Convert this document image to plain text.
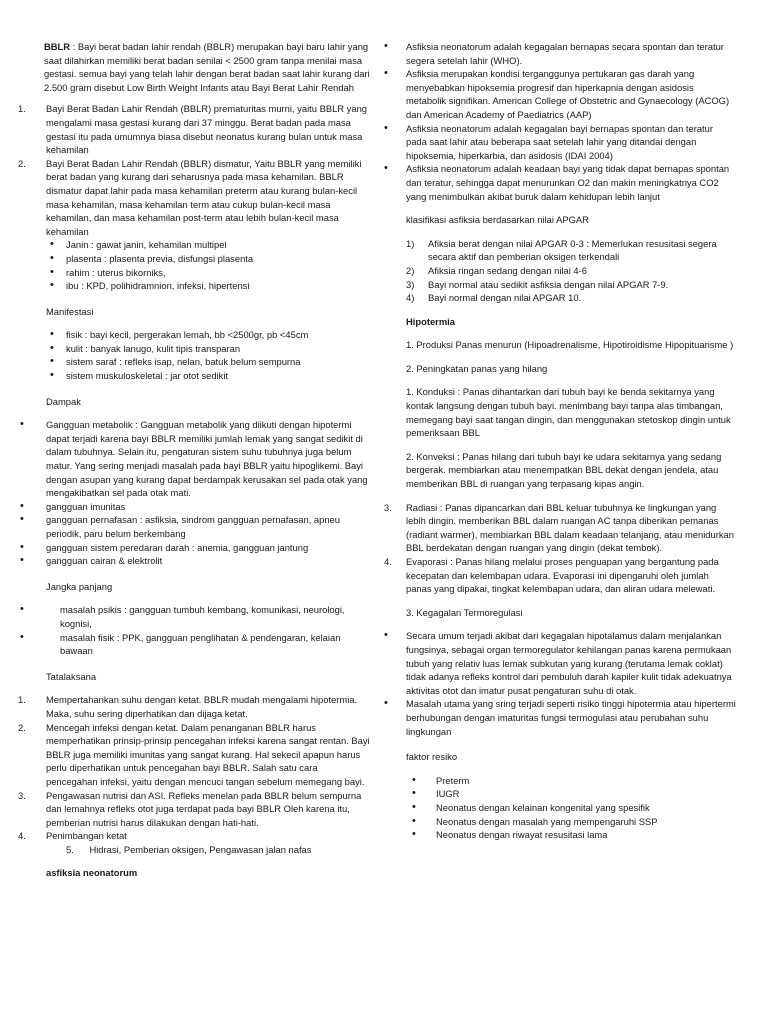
BBLR : Bayi berat badan lahir rendah (BBLR) merupakan bayi baru lahir yang saat dilahirkan memiliki berat badan senilai < 2500 gram tanpa menilai masa gestasi. semua bayi yang telah lahir dengan berat badan saat lahir kurang dari 2.500 gram disebut Low Birth Weight Infants atau Bayi Berat Lahir Rendah

1. Bayi Berat Badan Lahir Rendah (BBLR) prematuritas murni, yaitu BBLR yang mengalami masa gestasi kurang dari 37 minggu. Berat badan pada masa gestasi itu pada umumnya biasa disebut neonatus kurang bulan untuk masa kehamilan
2. Bayi Berat Badan Lahir Rendah (BBLR) dismatur, Yaitu BBLR yang memiliki berat badan yang kurang dari seharusnya pada masa kehamilan. BBLR dismatur dapat lahir pada masa kehamilan preterm atau kurang bulan-kecil masa kehamilan, masa kehamilan term atau cukup bulan-kecil masa kehamilan, dan masa kehamilan post-term atau lebih bulan-kecil masa kehamilan
• Janin : gawat janin, kehamilan multipel
• plasenta : plasenta previa, disfungsi plasenta
• rahim : uterus bikorniks,
• ibu : KPD, polihidramnion, infeksi, hipertensi

Manifestasi

• fisik : bayi kecil, pergerakan lemah, bb <2500gr, pb <45cm
• kulit : banyak lanugo, kulit tipis transparan
• sistem saraf : refleks isap, nelan, batuk belum sempurna
• sistem muskuloskeletal : jar otot sedikit

Dampak

• Gangguan metabolik : Gangguan metabolik yang diikuti dengan hipotermi dapat terjadi karena bayi BBLR memiliki jumlah lemak yang sangat sedikit di dalam tubuhnya. Selain itu, pengaturan sistem suhu tubuhnya juga belum matur. Yang sering menjadi masalah pada bayi BBLR yaitu hipoglikemi. Bayi dengan asupan yang kurang dapat berdampak kerusakan sel pada otak yang mengakibatkan sel pada otak mati.
• gangguan imunitas
• gangguan pernafasan : asfiksia, sindrom gangguan pernafasan, apneu periodik, paru belum berkembang
• gangguan sistem peredaran darah : anemia, gangguan jantung
• gangguan cairan & elektrolit

Jangka panjang

• masalah psikis : gangguan tumbuh kembang, komunikasi, neurologi, kognisi,
• masalah fisik : PPK, gangguan penglihatan & pendengaran, kelaian bawaan

Tatalaksana

1. Mempertahankan suhu dengan ketat. BBLR mudah mengalami hipotermia. Maka, suhu sering diperhatikan dan dijaga ketat.
2. Mencegah infeksi dengan ketat. Dalam penanganan BBLR harus memperhatikan prinsip-prinsip pencegahan infeksi karena sangat rentan. Bayi BBLR juga memiliki imunitas yang sangat kurang. Hal sekecil apapun harus perlu diperhatikan untuk pencegahan bayi BBLR. Salah satu cara pencegahan infeksi, yaitu dengan mencuci tangan sebelum memegang bayi.
3. Pengawasan nutrisi dan ASI. Refleks menelan pada BBLR belum sempurna dan lemahnya refleks otot juga terdapat pada bayi BBLR Oleh karena itu, pemberian nutrisi harus dilakukan dengan hati-hati.
4. Penimbangan ketat
5.      Hidrasi, Pemberian oksigen, Pengawasan jalan nafas

asfiksia neonatorum

• Asfiksia neonatorum adalah kegagalan bernapas secara spontan dan teratur segera setelah lahir (WHO).
• Asfiksia merupakan kondisi terganggunya pertukaran gas darah yang menyebabkan hipoksemia progresif dan hiperkapnia dengan asidosis metabolik signifikan. American College of Obstetric and Gynaecology (ACOG) dan American Academy of Paediatrics (AAP)
• Asfiksia neonatorum adalah kegagalan bayi bernapas spontan dan teratur pada saat lahir atau beberapa saat setelah lahir yang ditandai dengan hipoksemia, hiperkarbia, dan asidosis (IDAI 2004)
• Asfiksia neonatorum adalah keadaan bayi yang tidak dapat bernapas spontan dan teratur, sehingga dapat menurunkan O2 dan makin meningkatnya CO2 yang menimbulkan akibat buruk dalam kehidupan lebih lanjut

klasifikasi asfiksia berdasarkan nilai APGAR

1) Afiksia berat dengan nilai APGAR 0-3 : Memerlukan resusitasi segera secara aktif dan pemberian oksigen terkendali
2) Afiksia ringan sedang dengan nilai 4-6
3) Bayi normal atau sedikit asfiksia dengan nilai APGAR 7-9.
4) Bayi normal dengan nilai APGAR 10.

Hipotermia

1. Produksi Panas menurun (Hipoadrenalisme, Hipotiroidisme Hipopituarisme )

2. Peningkatan panas yang hilang

1. Konduksi : Panas dihantarkan dari tubuh bayi ke benda sekitarnya yang kontak langsung dengan tubuh bayi. menimbang bayi tanpa alas timbangan, memegang bayi saat tangan dingin, dan menggunakan stetoskop dingin untuk pemeriksaan BBL

2. Konveksi : Panas hilang dari tubuh bayi ke udara sekitarnya yang sedang bergerak. membiarkan atau menempatkan BBL dekat dengan jendela, atau memberikan BBL di ruangan yang terpasang kipas angin.

3. Radiasi : Panas dipancarkan dari BBL keluar tubuhnya ke lingkungan yang lebih dingin. memberikan BBL dalam ruangan AC tanpa diberikan pemanas (radiant warmer), membiarkan BBL dalam keadaan telanjang, atau menidurkan BBL berdekatan dengan ruangan yang dingin (dekat tembok).
4. Evaporasi : Panas hilang melalui proses penguapan yang bergantung pada kecepatan dan kelembapan udara. Evaporasi ini dipengaruhi oleh jumlah panas yang dipakai, tingkat kelembapan udara, dan aliran udara melewati.

3. Kegagalan Termoregulasi

• Secara umum terjadi akibat dari kegagalan hipotalamus dalam menjalankan fungsinya, sebagai organ termoregulator kehilangan panas karena permukaan tubuh yang relativ luas lemak subkutan yang kurang (terutama lemak coklat) tidak adanya refleks kontrol dari pembuluh darah kapiler kulit tidak adekuatnya aktivitas otot dan imatur pusat pengaturan suhu di otak.
• Masalah utama yang sring terjadi seperti risiko tinggi hipotermia atau hipertermi berhubungan dengan imaturitas fungsi termogulasi atau perubahan suhu lingkungan

faktor resiko

• Preterm
• IUGR
• Neonatus dengan kelainan kongenital yang spesifik
• Neonatus dengan masalah yang mempengaruhi SSP
• Neonatus dengan riwayat resusitasi lama
